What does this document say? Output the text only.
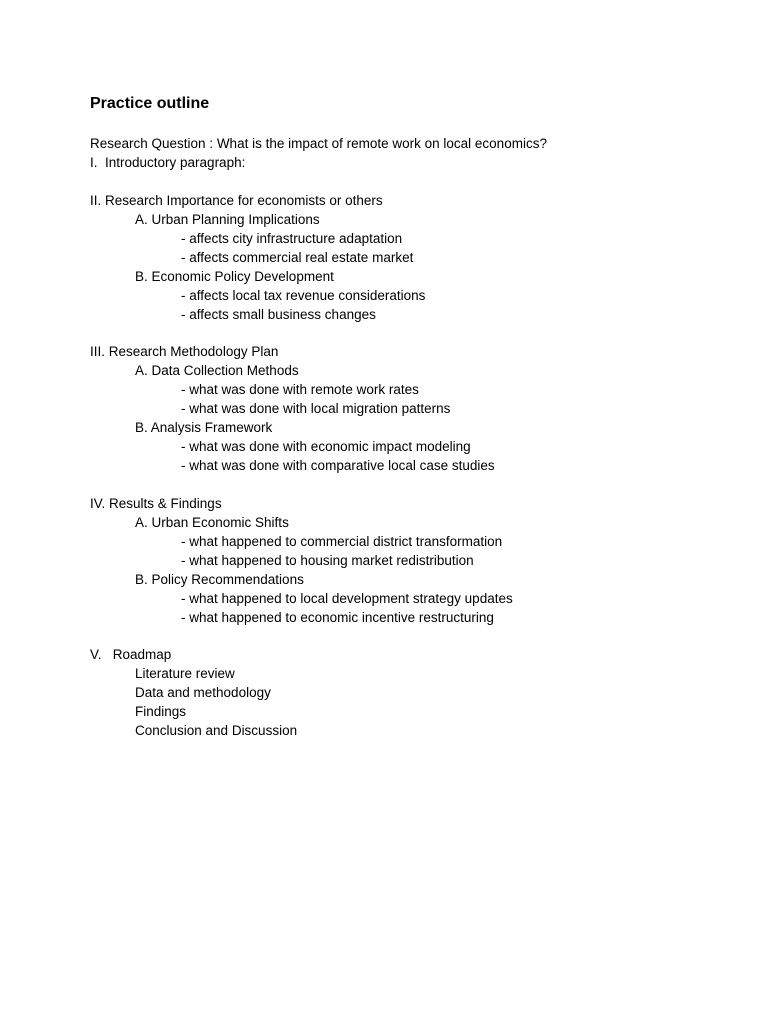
Practice outline
Research Question : What is the impact of remote work on local economics?
I.  Introductory paragraph:
II. Research Importance for economists or others
A. Urban Planning Implications
- affects city infrastructure adaptation
- affects commercial real estate market
B. Economic Policy Development
- affects local tax revenue considerations
- affects small business changes
III. Research Methodology Plan
A. Data Collection Methods
- what was done with remote work rates
- what was done with local migration patterns
B. Analysis Framework
- what was done with economic impact modeling
- what was done with comparative local case studies
IV. Results & Findings
A. Urban Economic Shifts
- what happened to commercial district transformation
- what happened to housing market redistribution
B. Policy Recommendations
- what happened to local development strategy updates
- what happened to economic incentive restructuring
V.   Roadmap
Literature review
Data and methodology
Findings
Conclusion and Discussion
